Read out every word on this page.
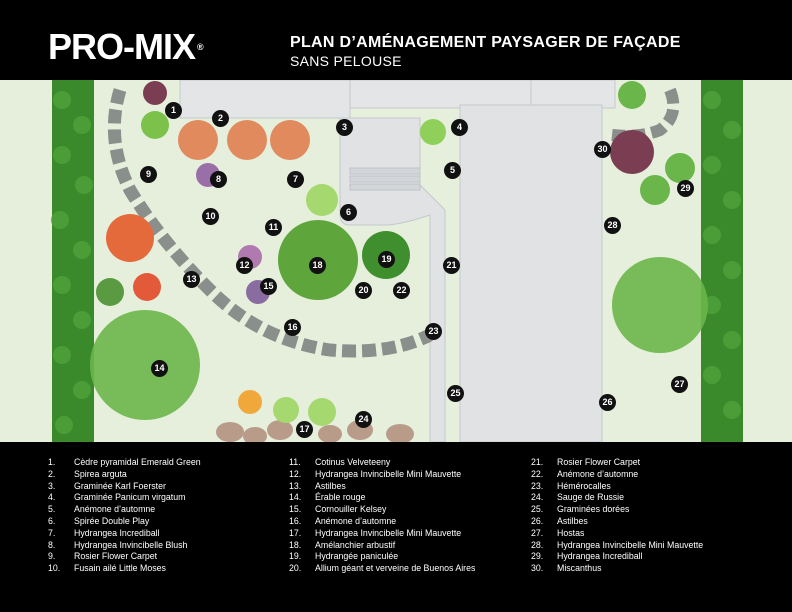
PRO-MIX ®	PLAN D’AMÉNAGEMENT PAYSAGER DE FAÇADE
SANS PELOUSE
1
2
3	4
5
6
7
8
9
10
11
12
13
14
15
16
17
18
19
20
21
22
23
24
25
26
27
28
29
30
1. Cèdre pyramidal Emerald Green
2. Spirea arguta
3. Graminée Karl Foerster
4. Graminée Panicum virgatum
5. Anémone d’automne
6. Spirée Double Play
7. Hydrangea Incrediball
8. Hydrangea Invincibelle Blush
9. Rosier Flower Carpet
10. Fusain ailé Little Moses
11. Cotinus Velveteeny
12. Hydrangea Invincibelle Mini Mauvette
13. Astilbes
14. Érable rouge
15. Cornouiller Kelsey
16. Anémone d’automne
17. Hydrangea Invincibelle Mini Mauvette
18. Amélanchier arbustif
19. Hydrangée paniculée
20. Allium géant et verveine de Buenos Aires
21. Rosier Flower Carpet
22. Anémone d’automne
23. Hémérocalles
24. Sauge de Russie
25. Graminées dorées
26. Astilbes
27. Hostas
28. Hydrangea Invincibelle Mini Mauvette
29. Hydrangea Incrediball
30. Miscanthus
